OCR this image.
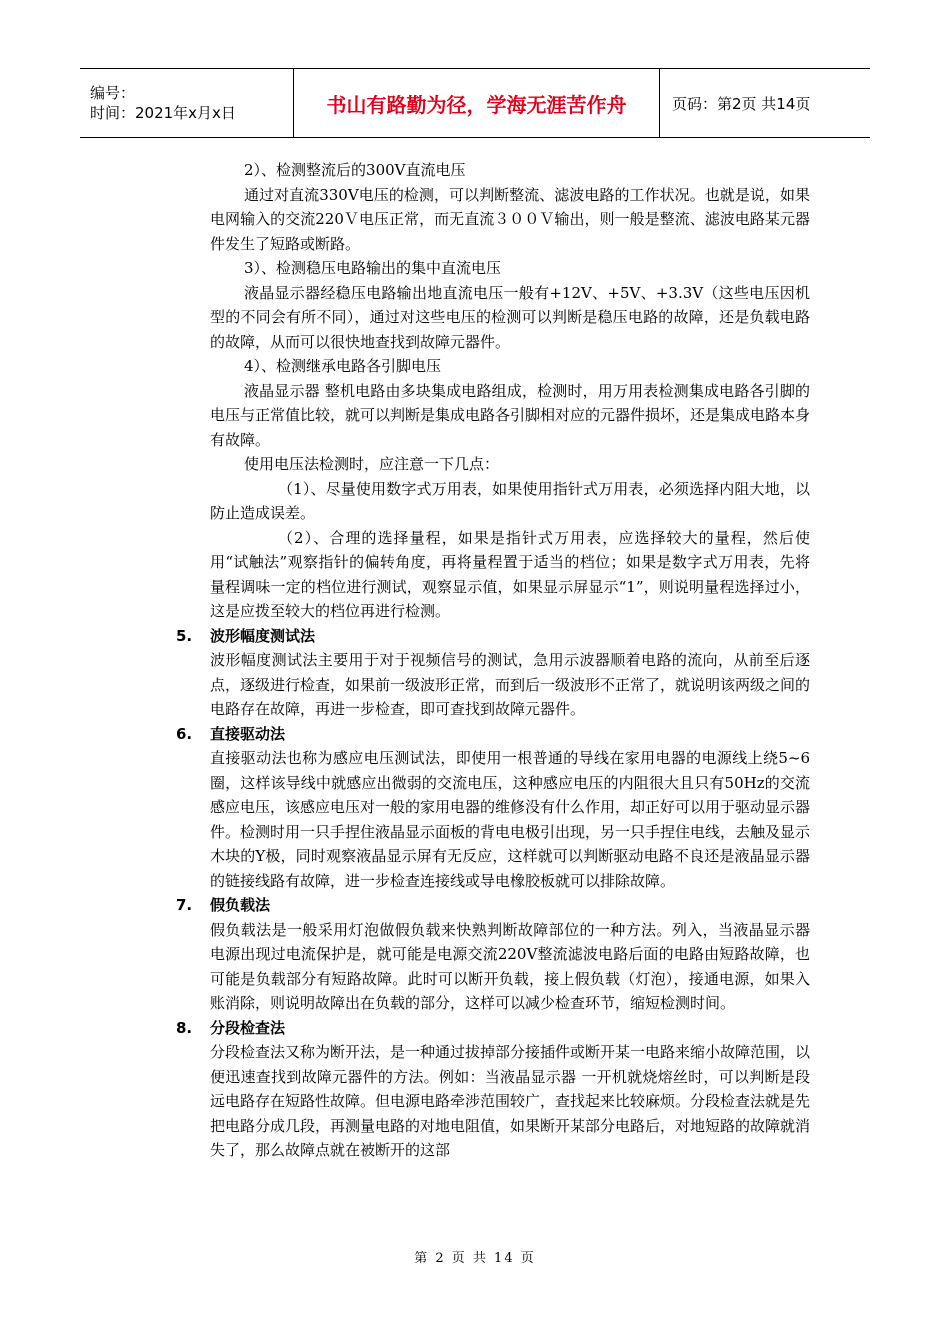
编号：
时间：2021年x月x日	书山有路勤为径，学海无涯苦作舟	页码：第2页 共14页

2）、检测整流后的300V直流电压

通过对直流330V电压的检测，可以判断整流、滤波电路的工作状况。也就是说，如果电网输入的交流220Ｖ电压正常，而无直流３００Ｖ输出，则一般是整流、滤波电路某元器件发生了短路或断路。

3）、检测稳压电路输出的集中直流电压

液晶显示器经稳压电路输出地直流电压一般有+12V、+5V、+3.3V（这些电压因机型的不同会有所不同），通过对这些电压的检测可以判断是稳压电路的故障，还是负载电路的故障，从而可以很快地查找到故障元器件。

4）、检测继承电路各引脚电压

液晶显示器 整机电路由多块集成电路组成，检测时，用万用表检测集成电路各引脚的电压与正常值比较，就可以判断是集成电路各引脚相对应的元器件损坏，还是集成电路本身有故障。

使用电压法检测时，应注意一下几点：

（1）、尽量使用数字式万用表，如果使用指针式万用表，必须选择内阻大地，以防止造成误差。

（2）、合理的选择量程，如果是指针式万用表，应选择较大的量程，然后使用“试触法”观察指针的偏转角度，再将量程置于适当的档位；如果是数字式万用表，先将量程调味一定的档位进行测试，观察显示值，如果显示屏显示“1”，则说明量程选择过小，这是应拨至较大的档位再进行检测。

5. 波形幅度测试法

波形幅度测试法主要用于对于视频信号的测试，急用示波器顺着电路的流向，从前至后逐点，逐级进行检查，如果前一级波形正常，而到后一级波形不正常了，就说明该两级之间的电路存在故障，再进一步检查，即可查找到故障元器件。

6. 直接驱动法

直接驱动法也称为感应电压测试法，即使用一根普通的导线在家用电器的电源线上绕5~6圈，这样该导线中就感应出微弱的交流电压，这种感应电压的内阻很大且只有50Hz的交流感应电压，该感应电压对一般的家用电器的维修没有什么作用，却正好可以用于驱动显示器件。检测时用一只手捏住液晶显示面板的背电电极引出现，另一只手捏住电线，去触及显示木块的Y极，同时观察液晶显示屏有无反应，这样就可以判断驱动电路不良还是液晶显示器的链接线路有故障，进一步检查连接线或导电橡胶板就可以排除故障。

7. 假负载法

假负载法是一般采用灯泡做假负载来快熟判断故障部位的一种方法。列入，当液晶显示器 电源出现过电流保护是，就可能是电源交流220V整流滤波电路后面的电路由短路故障，也可能是负载部分有短路故障。此时可以断开负载，接上假负载（灯泡），接通电源，如果入账消除，则说明故障出在负载的部分，这样可以减少检查环节，缩短检测时间。

8. 分段检查法

分段检查法又称为断开法，是一种通过拔掉部分接插件或断开某一电路来缩小故障范围，以便迅速查找到故障元器件的方法。例如：当液晶显示器 一开机就烧熔丝时，可以判断是段远电路存在短路性故障。但电源电路牵涉范围较广，查找起来比较麻烦。分段检查法就是先把电路分成几段，再测量电路的对地电阻值，如果断开某部分电路后，对地短路的故障就消失了，那么故障点就在被断开的这部

第 2 页 共 14 页
